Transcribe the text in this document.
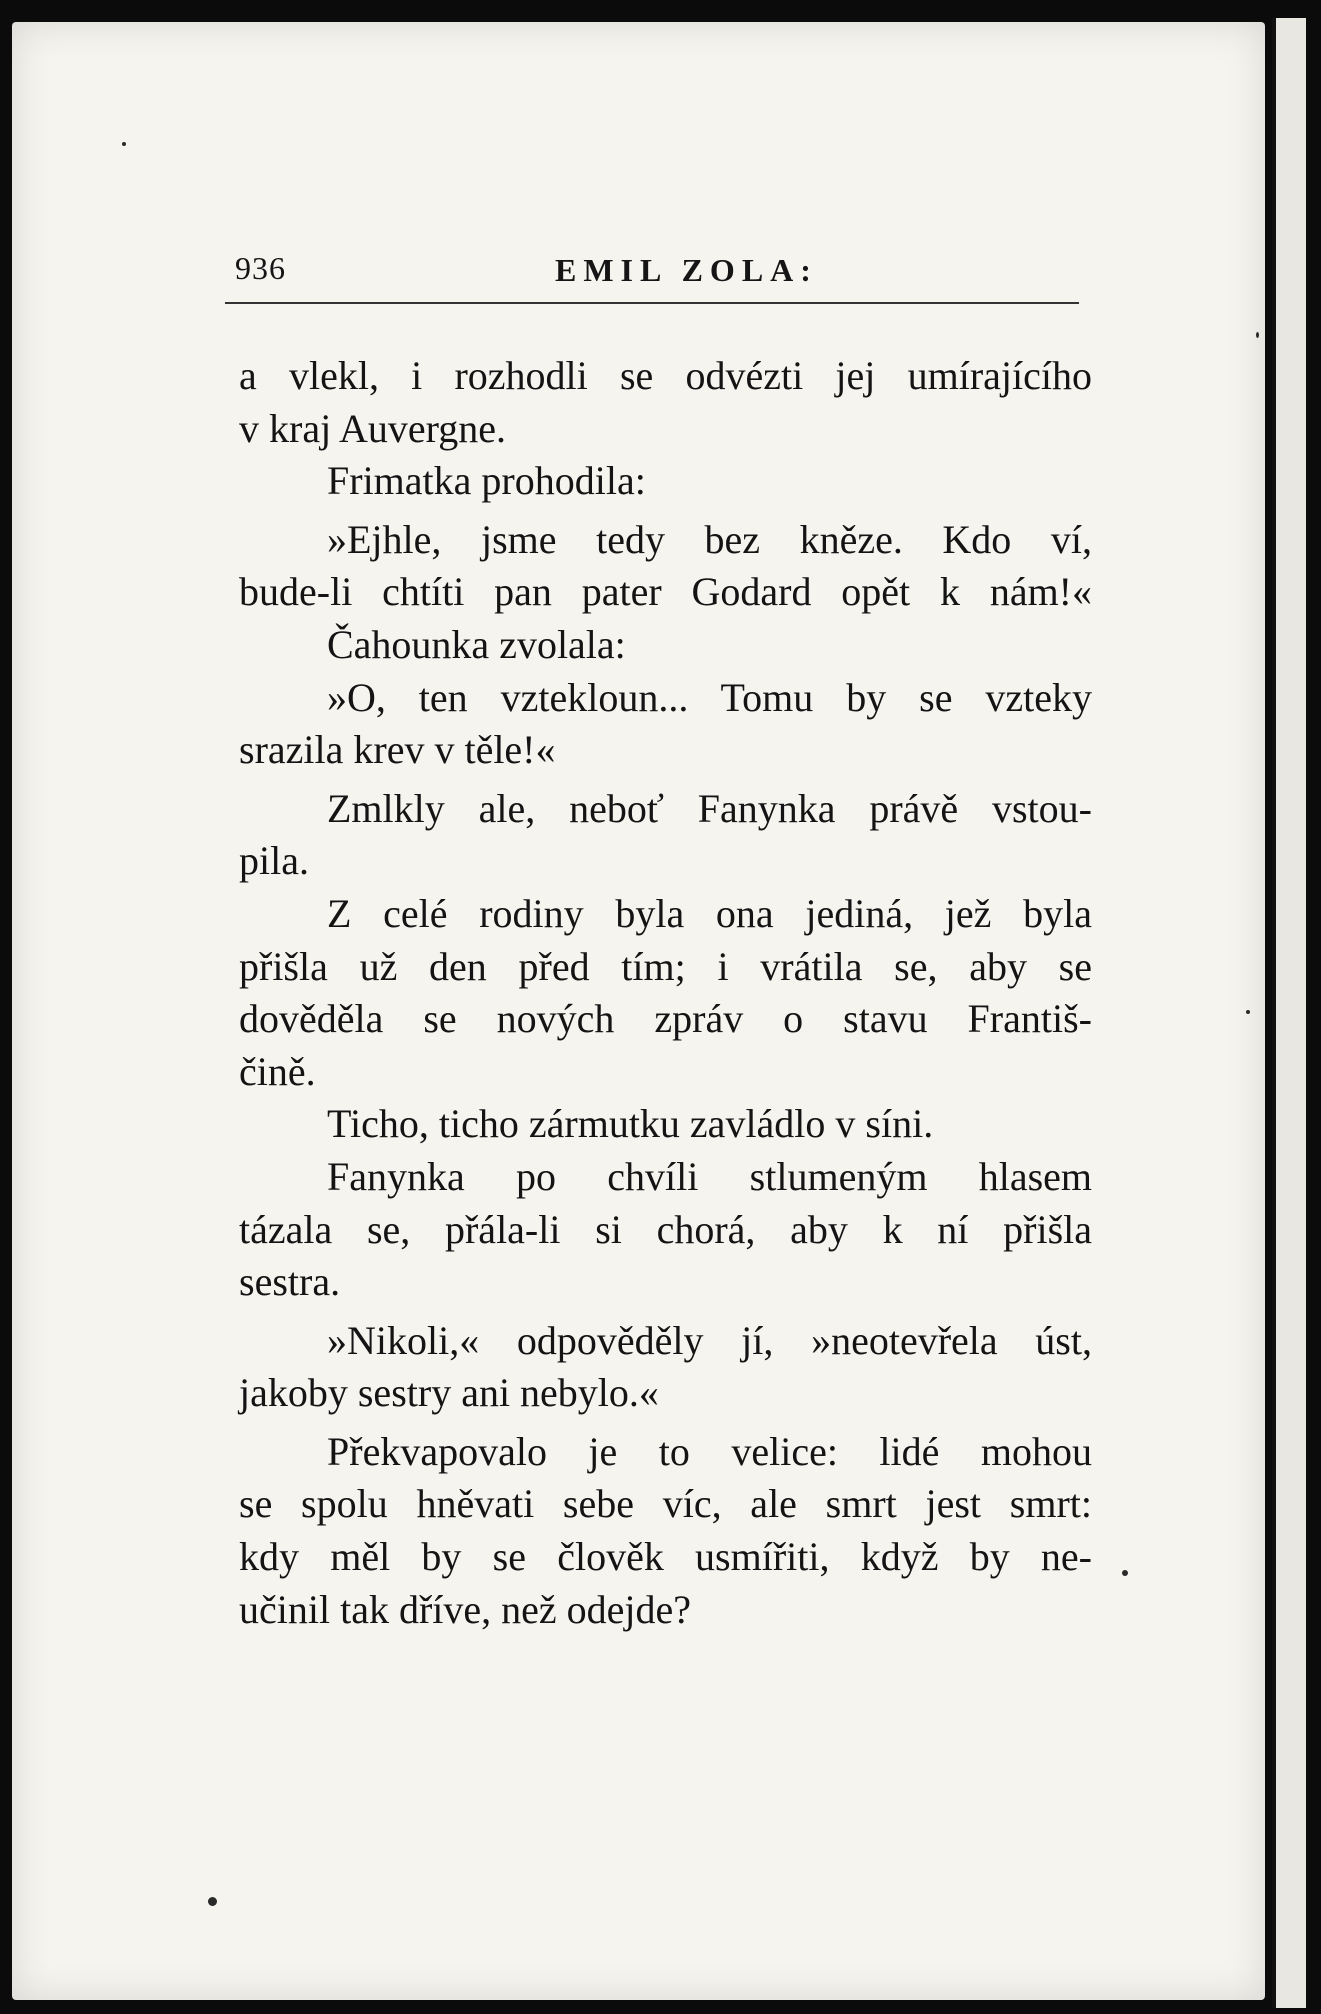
936	EMIL ZOLA:
a vlekl, i rozhodli se odvézti jej umírajícího
v kraj Auvergne.
Frimatka prohodila:
»Ejhle, jsme tedy bez kněze. Kdo ví,
bude-li chtíti pan pater Godard opět k nám!«
Čahounka zvolala:
»O, ten vztekloun... Tomu by se vzteky
srazila krev v těle!«
Zmlkly ale, neboť Fanynka právě vstou-
pila.
Z celé rodiny byla ona jediná, jež byla
přišla už den před tím; i vrátila se, aby se
dověděla se nových zpráv o stavu Františ-
čině.
Ticho, ticho zármutku zavládlo v síni.
Fanynka po chvíli stlumeným hlasem
tázala se, přála-li si chorá, aby k ní přišla
sestra.
»Nikoli,« odpověděly jí, »neotevřela úst,
jakoby sestry ani nebylo.«
Překvapovalo je to velice: lidé mohou
se spolu hněvati sebe víc, ale smrt jest smrt:
kdy měl by se člověk usmířiti, když by ne-
učinil tak dříve, než odejde?
